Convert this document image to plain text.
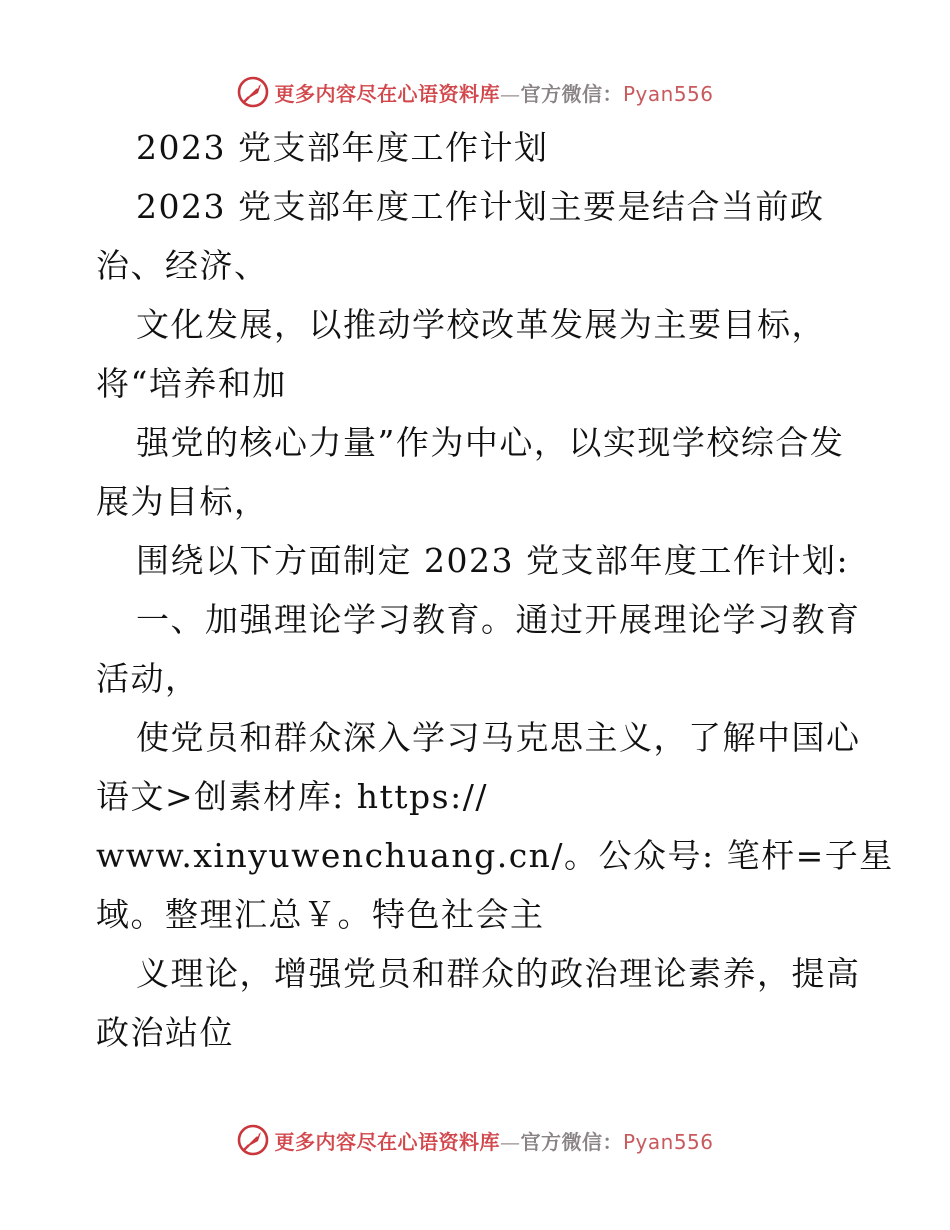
更多内容尽在心语资料库—官方微信：Pyan556
2023 党支部年度工作计划
2023 党支部年度工作计划主要是结合当前政
治、经济、
文化发展，以推动学校改革发展为主要目标，
将“培养和加
强党的核心力量”作为中心，以实现学校综合发
展为目标，
围绕以下方面制定 2023 党支部年度工作计划:
一、加强理论学习教育。通过开展理论学习教育
活动，
使党员和群众深入学习马克思主义，了解中国心
语文>创素材库: https://
www.xinyuwenchuang.cn/。公众号: 笔杆=子星
域。整理汇总￥。特色社会主
义理论，增强党员和群众的政治理论素养，提高
政治站位
更多内容尽在心语资料库—官方微信：Pyan556
